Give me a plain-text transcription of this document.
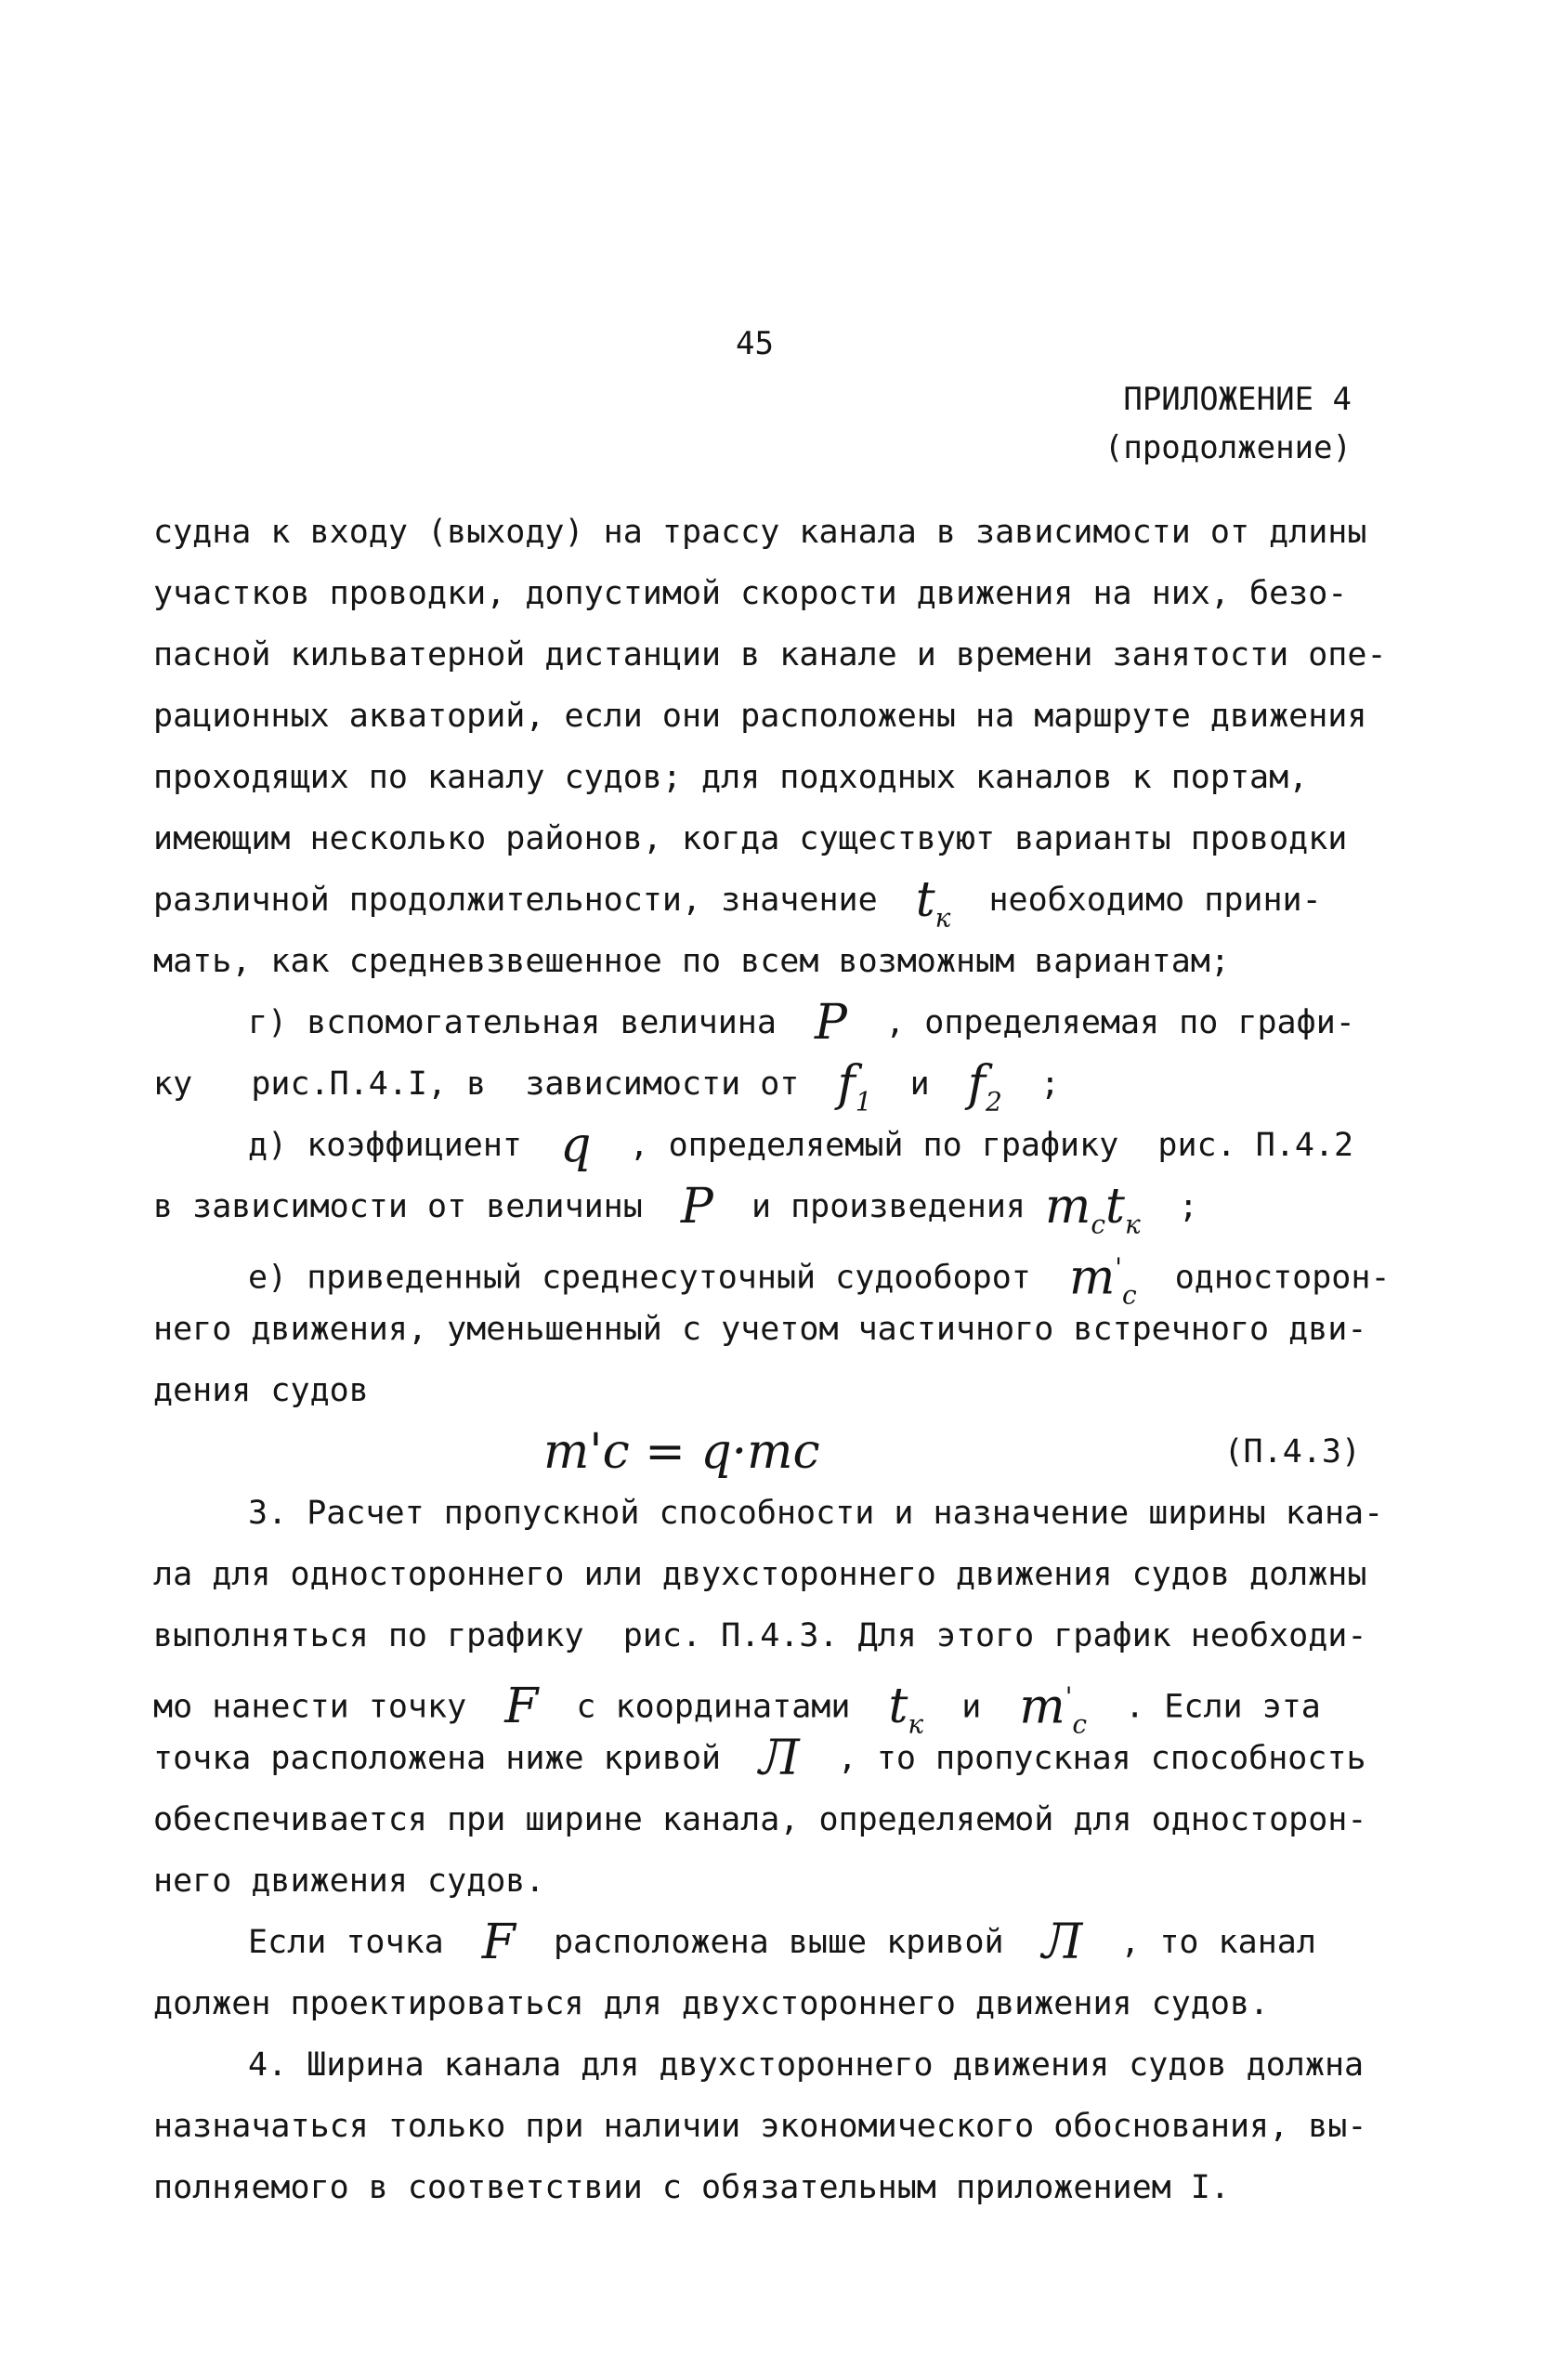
45
ПРИЛОЖЕНИЕ 4
(продолжение)
судна к входу (выходу) на трассу канала в зависимости от длины
участков проводки, допустимой скорости движения на них, безо-
пасной кильватерной дистанции в канале и времени занятости опе-
рационных акваторий, если они расположены на маршруте движения
проходящих по каналу судов; для подходных каналов к портам,
имеющим несколько районов, когда существуют варианты проводки
различной продолжительности, значение $t_к$ необходимо прини-
мать, как средневзвешенное по всем возможным вариантам;
г) вспомогательная величина P , определяемая по графи-
ку   рис.П.4.I, в  зависимости от $f_1$ и $f_2$ ;
д) коэффициент q , определяемый по графику  рис. П.4.2
в зависимости от величины P и произведения $m_ct_к$ ;
е) приведенный среднесуточный судооборот $m'_c$ односторон-
него движения, уменьшенный с учетом частичного встречного дви-
дения судов
m'c = q·mc	(П.4.3)
3. Расчет пропускной способности и назначение ширины кана-
ла для одностороннего или двухстороннего движения судов должны
выполняться по графику  рис. П.4.3. Для этого график необходи-
мо нанести точку F с координатами $t_к$ и $m'_c$ . Если эта
точка расположена ниже кривой Л , то пропускная способность
обеспечивается при ширине канала, определяемой для односторон-
него движения судов.
Если точка F расположена выше кривой Л , то канал
должен проектироваться для двухстороннего движения судов.
4. Ширина канала для двухстороннего движения судов должна
назначаться только при наличии экономического обоснования, вы-
полняемого в соответствии с обязательным приложением I.
